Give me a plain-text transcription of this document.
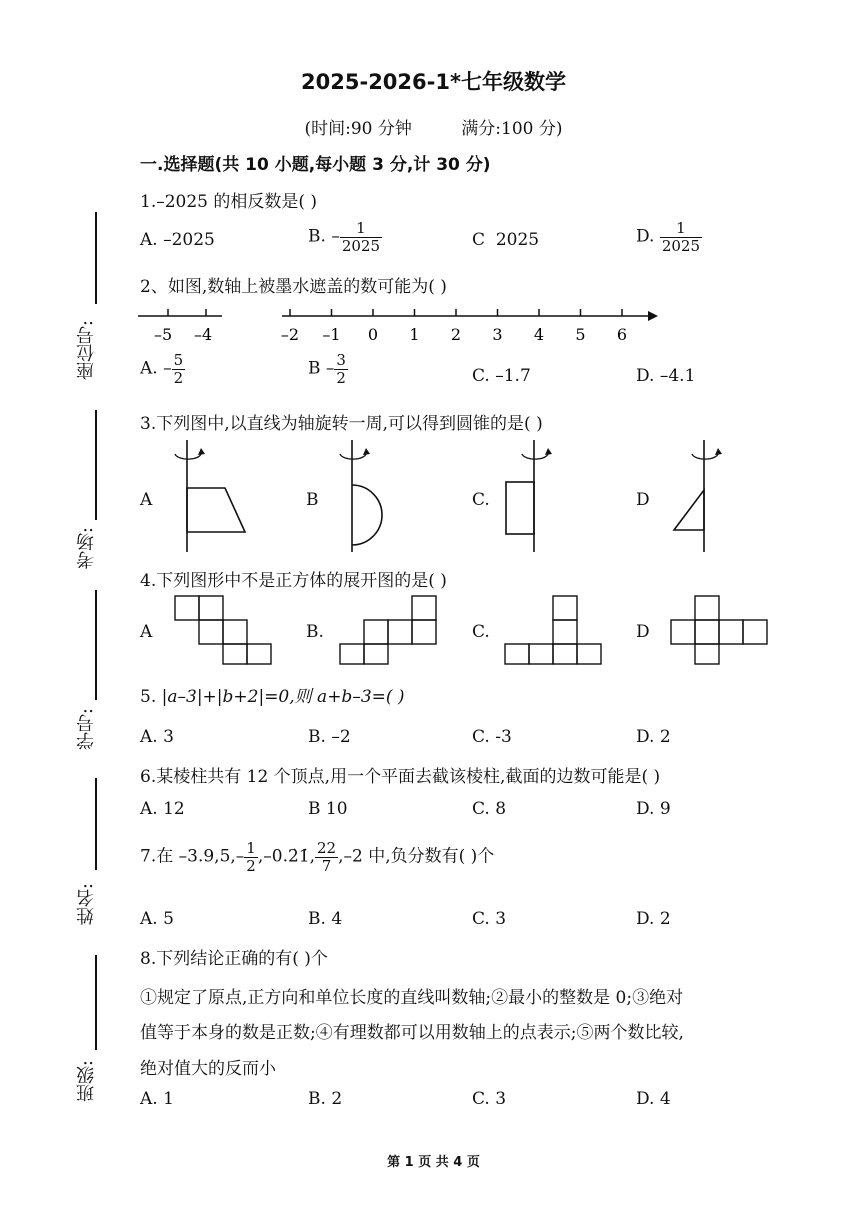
2025-2026-1*七年级数学
(时间:90 分钟	满分:100 分)
一.选择题(共 10 小题,每小题 3 分,计 30 分)
座位号:
考场:
学号:
姓名:
班级:
1.–2025 的相反数是( )
A. –2025	B. – $\frac{1}{2025}$	C 2025	D. $\frac{1}{2025}$
2、如图,数轴上被墨水遮盖的数可能为( )
–5 –4	–2 –1 0 1 2 3 4 5 6
A. – $\frac{5}{2}$	B – $\frac{3}{2}$	C. –1.7	D. –4.1
3.下列图中,以直线为轴旋转一周,可以得到圆锥的是( )
A	B	C.	D
4.下列图形中不是正方体的展开图的是( )
A	B.	C.	D
5. |a–3|+|b+2|=0,则 a+b–3=( )
A. 3	B. –2	C. -3	D. 2
6.某棱柱共有 12 个顶点,用一个平面去截该棱柱,截面的边数可能是( )
A. 12	B 10	C. 8	D. 9
7.在 $-3.9,5,- \frac{1}{2}$ ,–0.2̇1̇, $\frac{22}{7} ,-2$ 中,负分数有( )个
A. 5	B. 4	C. 3	D. 2
8.下列结论正确的有( )个
①规定了原点,正方向和单位长度的直线叫数轴;②最小的整数是 0;③绝对
值等于本身的数是正数;④有理数都可以用数轴上的点表示;⑤两个数比较,
绝对值大的反而小
A. 1	B. 2	C. 3	D. 4
第 1 页 共 4 页
